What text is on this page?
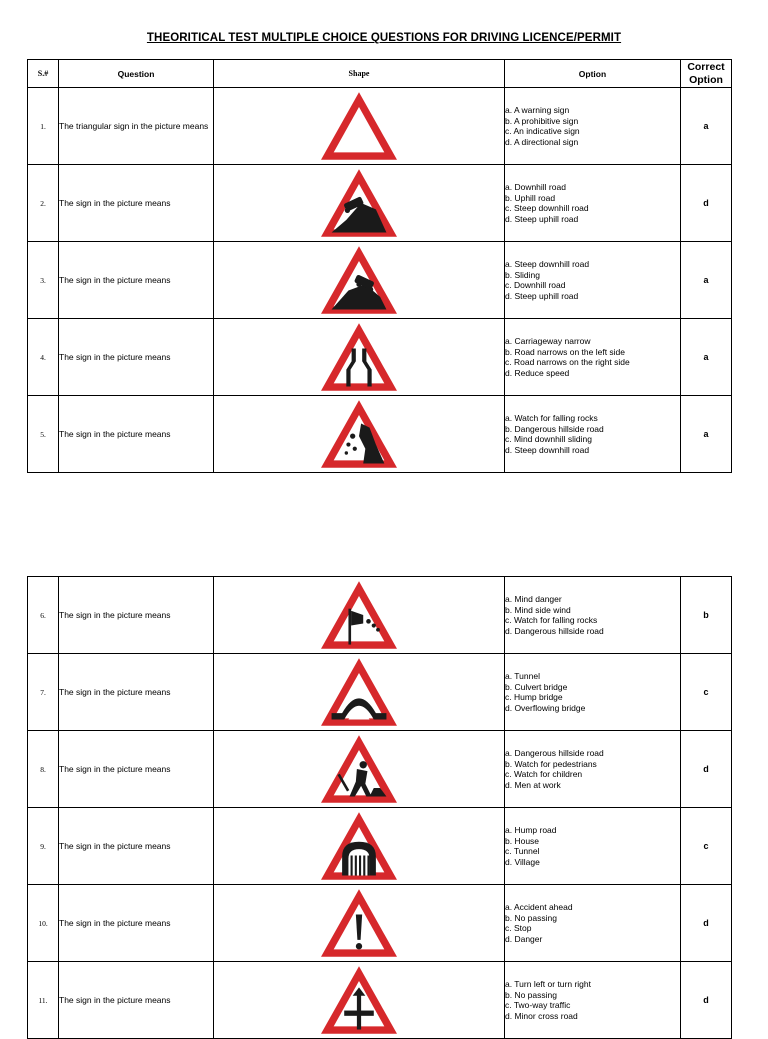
THEORITICAL TEST MULTIPLE CHOICE QUESTIONS FOR DRIVING LICENCE/PERMIT
S.#	Question	Shape	Option	Correct
Option

1.	The triangular sign in the picture means		a. A warning sign
b. A prohibitive sign
c. An indicative sign
d. A directional sign	a
2.	The sign in the picture means		a. Downhill road
b. Uphill road
c. Steep downhill road
d. Steep uphill road	d
3.	The sign in the picture means		a. Steep downhill road
b. Sliding
c. Downhill road
d. Steep uphill road	a
4.	The sign in the picture means		a. Carriageway narrow
b. Road narrows on the left side
c. Road narrows on the right side
d. Reduce speed	a
5.	The sign in the picture means		a. Watch for falling rocks
b. Dangerous hillside road
c. Mind downhill sliding
d. Steep downhill road	a
6.	The sign in the picture means		a. Mind danger
b. Mind side wind
c. Watch for falling rocks
d. Dangerous hillside road	b
7.	The sign in the picture means		a. Tunnel
b. Culvert bridge
c. Hump bridge
d. Overflowing bridge	c
8.	The sign in the picture means		a. Dangerous hillside road
b. Watch for pedestrians
c. Watch for children
d. Men at work	d
9.	The sign in the picture means		a. Hump road
b. House
c. Tunnel
d. Village	c
10.	The sign in the picture means		a. Accident ahead
b. No passing
c. Stop
d. Danger	d
11.	The sign in the picture means		a. Turn left or turn right
b. No passing
c. Two-way traffic
d. Minor cross road	d
